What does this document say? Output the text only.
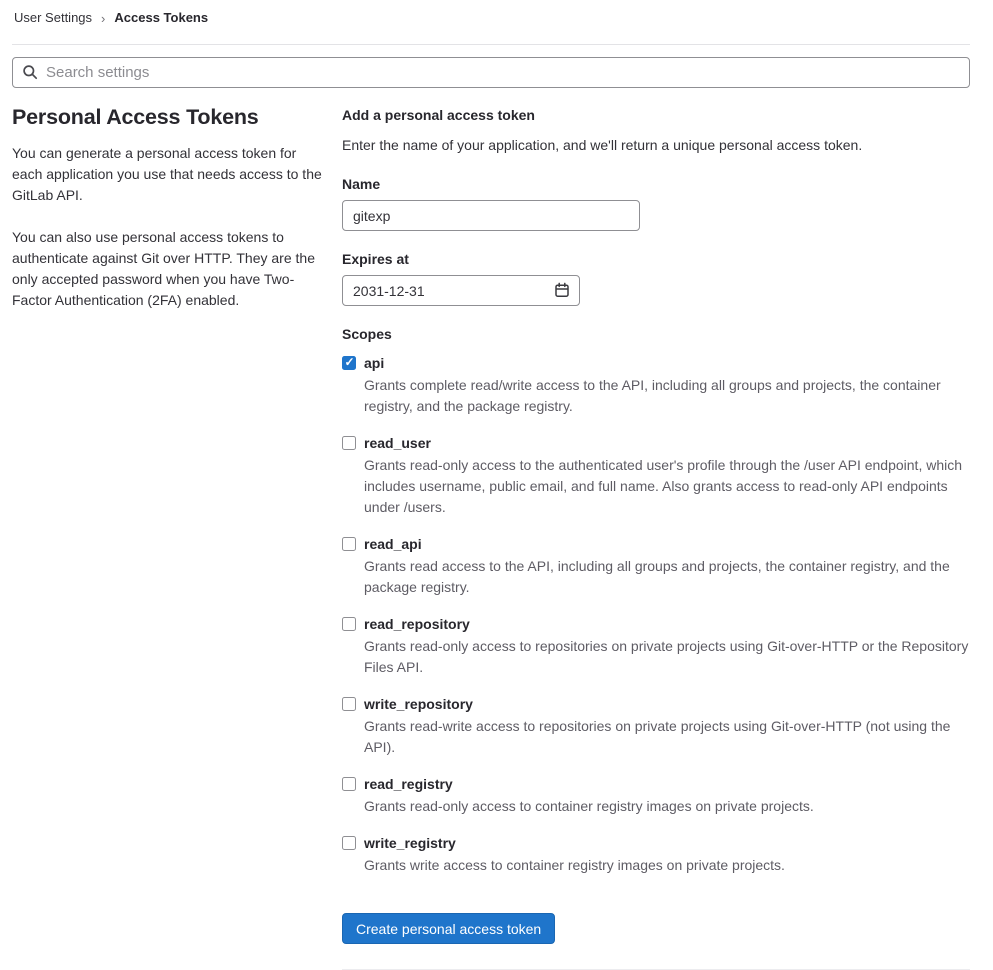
User Settings › Access Tokens
Search settings
Personal Access Tokens

You can generate a personal access token for each application you use that needs access to the GitLab API.

You can also use personal access tokens to authenticate against Git over HTTP. They are the only accepted password when you have Two-Factor Authentication (2FA) enabled.

Add a personal access token
Enter the name of your application, and we'll return a unique personal access token.
Name
gitexp
Expires at
2031-12-31
Scopes
✓
api
Grants complete read/write access to the API, including all groups and projects, the container registry, and the package registry.
read_user
Grants read-only access to the authenticated user's profile through the /user API endpoint, which includes username, public email, and full name. Also grants access to read-only API endpoints under /users.
read_api
Grants read access to the API, including all groups and projects, the container registry, and the package registry.
read_repository
Grants read-only access to repositories on private projects using Git-over-HTTP or the Repository Files API.
write_repository
Grants read-write access to repositories on private projects using Git-over-HTTP (not using the API).
read_registry
Grants read-only access to container registry images on private projects.
write_registry
Grants write access to container registry images on private projects.
Create personal access token
